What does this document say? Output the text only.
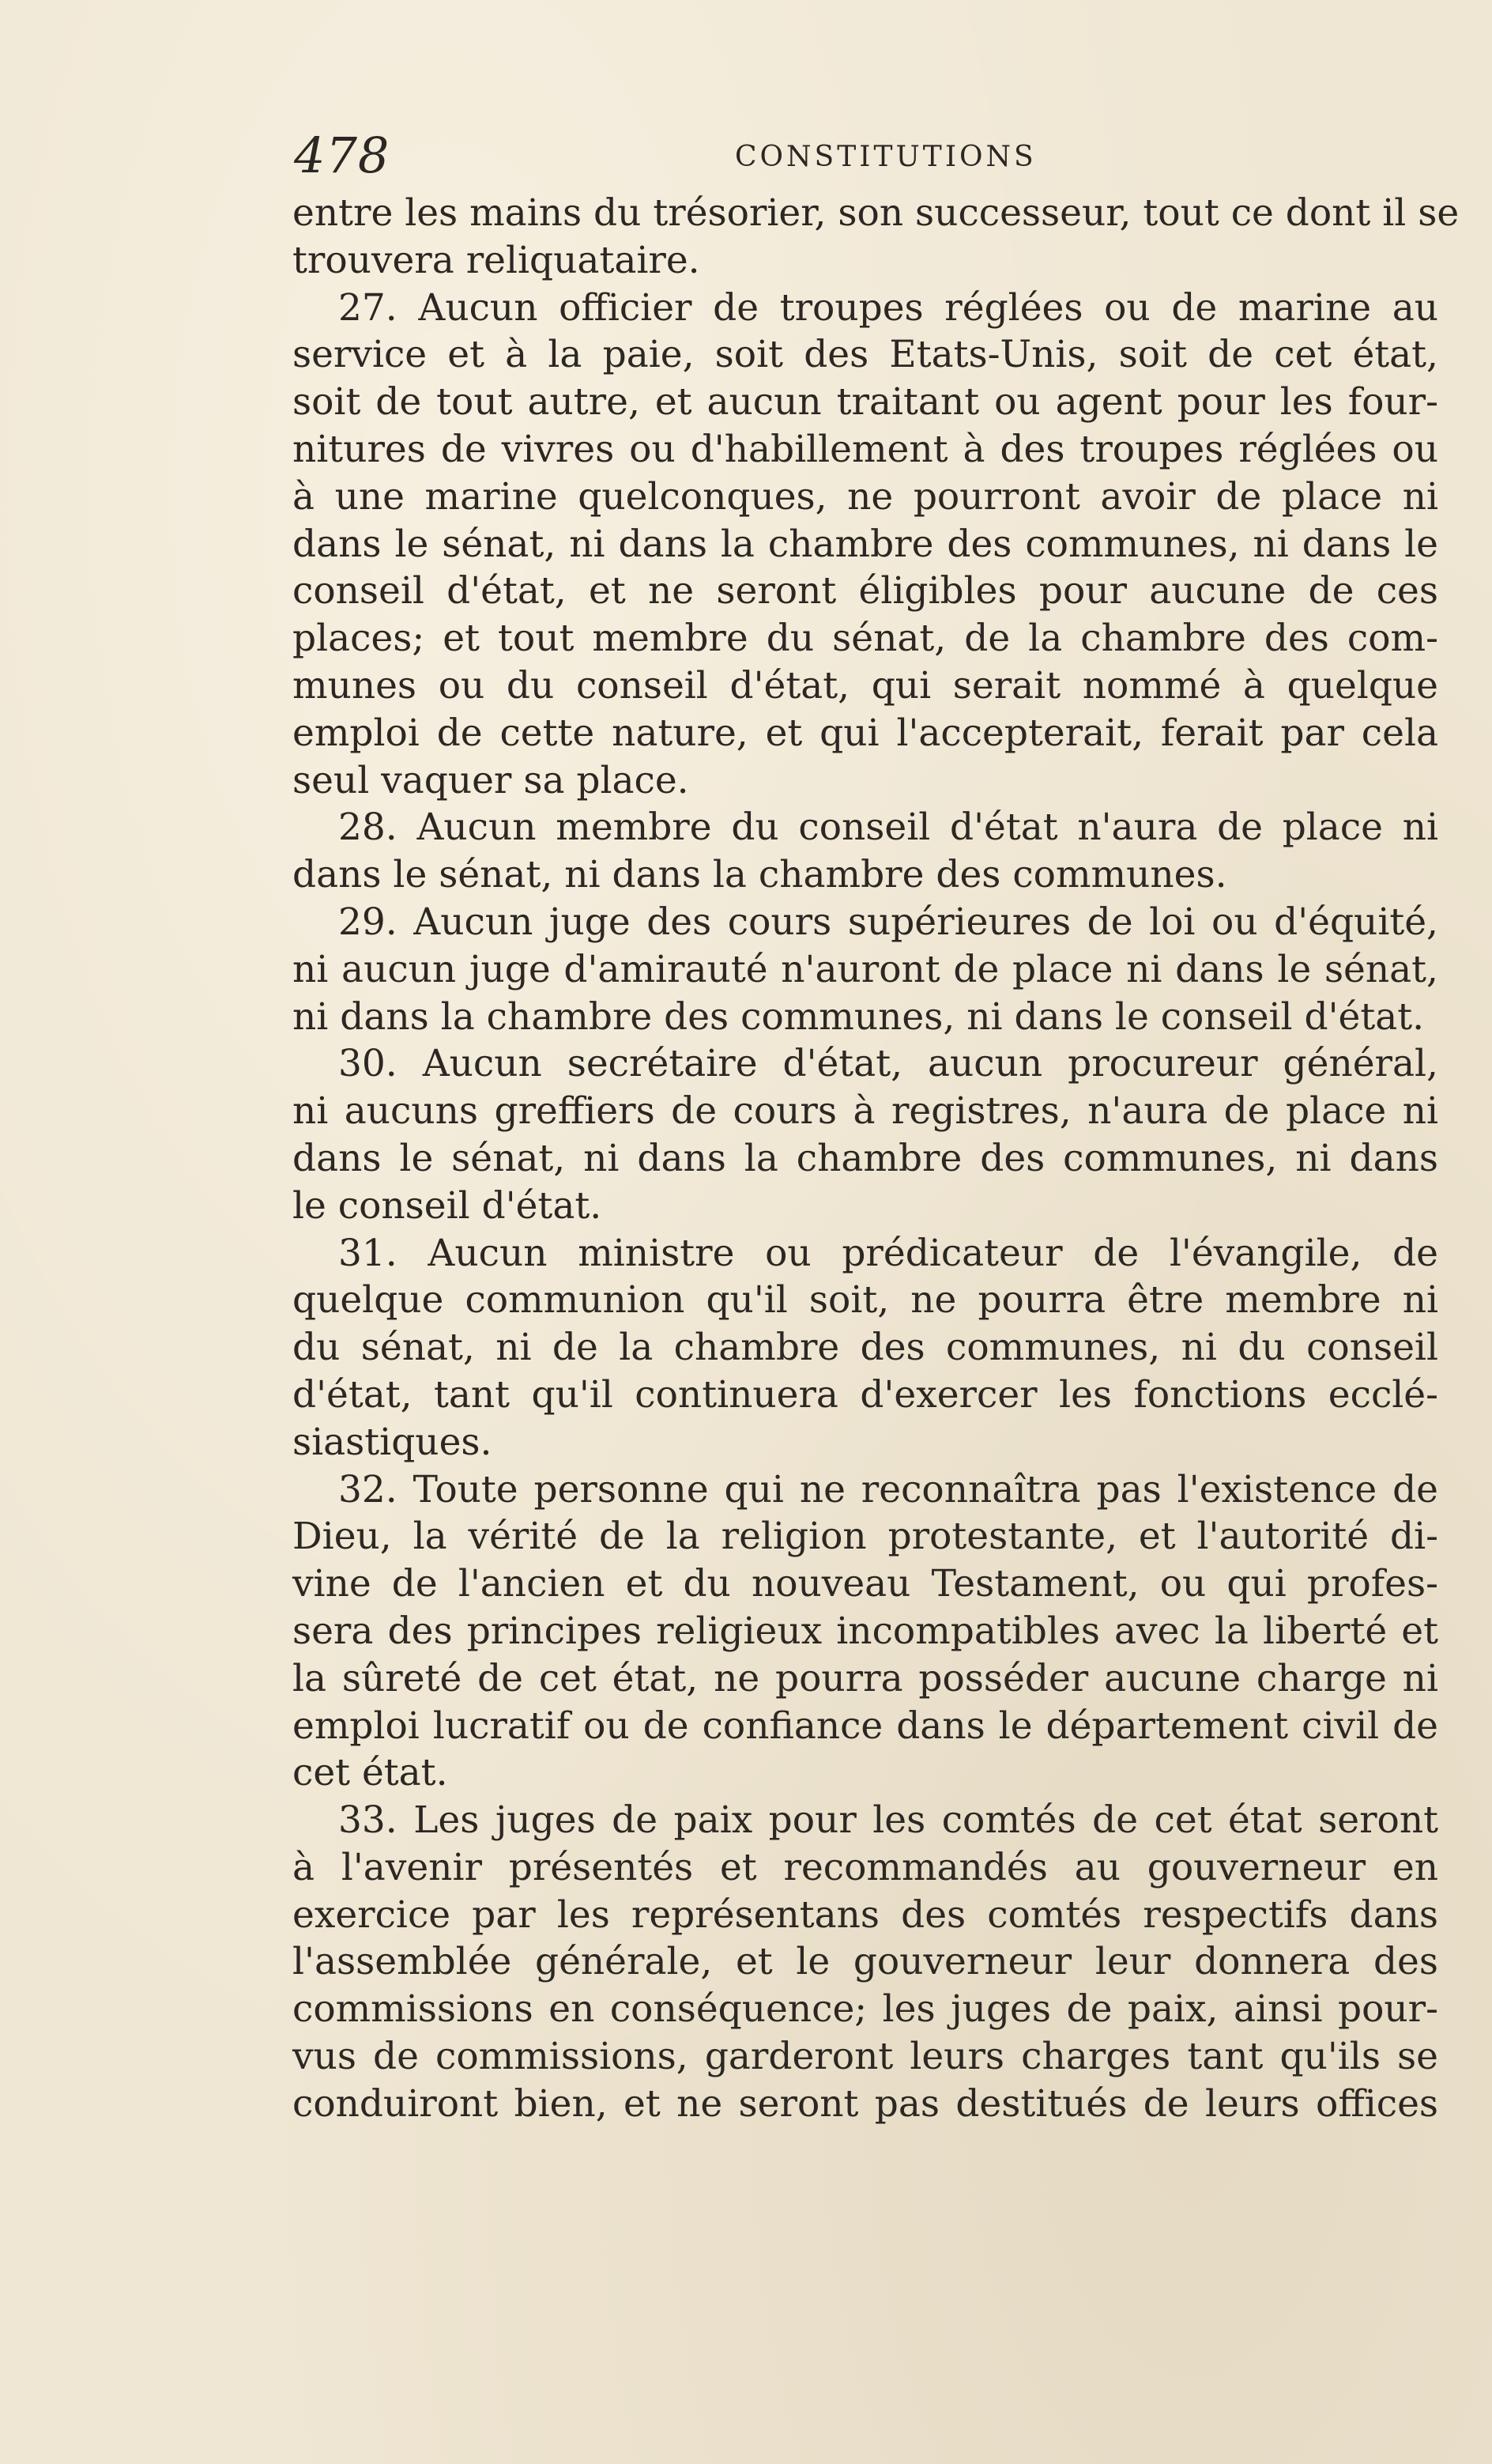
478	CONSTITUTIONS
entre les mains du trésorier, son successeur, tout ce dont il se
trouvera reliquataire.
27. Aucun officier de troupes réglées ou de marine au
service et à la paie, soit des Etats-Unis, soit de cet état,
soit de tout autre, et aucun traitant ou agent pour les four-
nitures de vivres ou d'habillement à des troupes réglées ou
à une marine quelconques, ne pourront avoir de place ni
dans le sénat, ni dans la chambre des communes, ni dans le
conseil d'état, et ne seront éligibles pour aucune de ces
places; et tout membre du sénat, de la chambre des com-
munes ou du conseil d'état, qui serait nommé à quelque
emploi de cette nature, et qui l'accepterait, ferait par cela
seul vaquer sa place.
28. Aucun membre du conseil d'état n'aura de place ni
dans le sénat, ni dans la chambre des communes.
29. Aucun juge des cours supérieures de loi ou d'équité,
ni aucun juge d'amirauté n'auront de place ni dans le sénat,
ni dans la chambre des communes, ni dans le conseil d'état.
30. Aucun secrétaire d'état, aucun procureur général,
ni aucuns greffiers de cours à registres, n'aura de place ni
dans le sénat, ni dans la chambre des communes, ni dans
le conseil d'état.
31. Aucun ministre ou prédicateur de l'évangile, de
quelque communion qu'il soit, ne pourra être membre ni
du sénat, ni de la chambre des communes, ni du conseil
d'état, tant qu'il continuera d'exercer les fonctions ecclé-
siastiques.
32. Toute personne qui ne reconnaîtra pas l'existence de
Dieu, la vérité de la religion protestante, et l'autorité di-
vine de l'ancien et du nouveau Testament, ou qui profes-
sera des principes religieux incompatibles avec la liberté et
la sûreté de cet état, ne pourra posséder aucune charge ni
emploi lucratif ou de confiance dans le département civil de
cet état.
33. Les juges de paix pour les comtés de cet état seront
à l'avenir présentés et recommandés au gouverneur en
exercice par les représentans des comtés respectifs dans
l'assemblée générale, et le gouverneur leur donnera des
commissions en conséquence; les juges de paix, ainsi pour-
vus de commissions, garderont leurs charges tant qu'ils se
conduiront bien, et ne seront pas destitués de leurs offices
